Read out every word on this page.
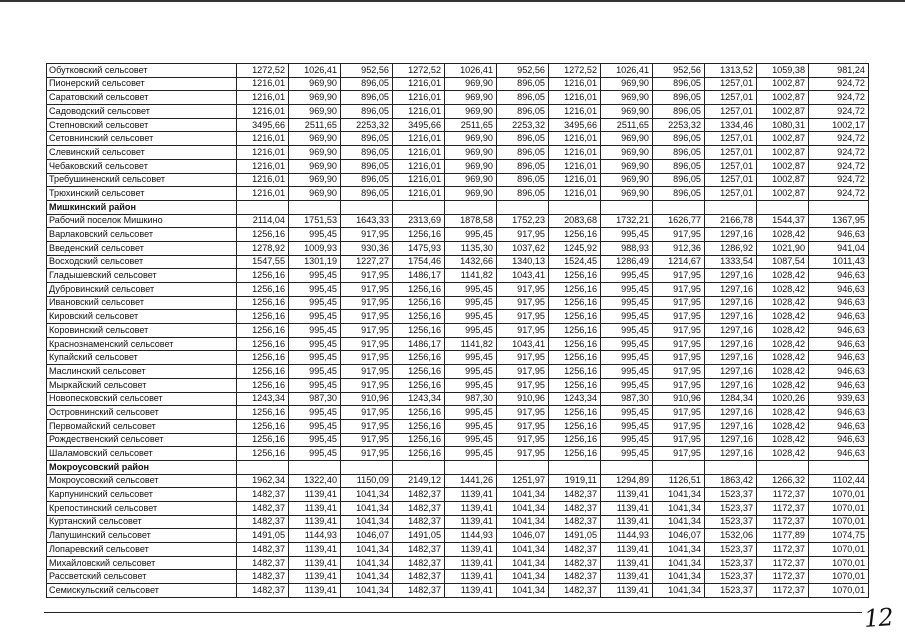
Обутковский сельсовет	1272,52	1026,41	952,56	1272,52	1026,41	952,56	1272,52	1026,41	952,56	1313,52	1059,38	981,24
Пионерский сельсовет	1216,01	969,90	896,05	1216,01	969,90	896,05	1216,01	969,90	896,05	1257,01	1002,87	924,72
Саратовский сельсовет	1216,01	969,90	896,05	1216,01	969,90	896,05	1216,01	969,90	896,05	1257,01	1002,87	924,72
Садоводский сельсовет	1216,01	969,90	896,05	1216,01	969,90	896,05	1216,01	969,90	896,05	1257,01	1002,87	924,72
Степновский сельсовет	3495,66	2511,65	2253,32	3495,66	2511,65	2253,32	3495,66	2511,65	2253,32	1334,46	1080,31	1002,17
Сетовнинский сельсовет	1216,01	969,90	896,05	1216,01	969,90	896,05	1216,01	969,90	896,05	1257,01	1002,87	924,72
Слевинский сельсовет	1216,01	969,90	896,05	1216,01	969,90	896,05	1216,01	969,90	896,05	1257,01	1002,87	924,72
Чебаковский сельсовет	1216,01	969,90	896,05	1216,01	969,90	896,05	1216,01	969,90	896,05	1257,01	1002,87	924,72
Требушиненский сельсовет	1216,01	969,90	896,05	1216,01	969,90	896,05	1216,01	969,90	896,05	1257,01	1002,87	924,72
Трюхинский сельсовет	1216,01	969,90	896,05	1216,01	969,90	896,05	1216,01	969,90	896,05	1257,01	1002,87	924,72
Мишкинский район												
Рабочий поселок Мишкино	2114,04	1751,53	1643,33	2313,69	1878,58	1752,23	2083,68	1732,21	1626,77	2166,78	1544,37	1367,95
Варлаковский сельсовет	1256,16	995,45	917,95	1256,16	995,45	917,95	1256,16	995,45	917,95	1297,16	1028,42	946,63
Введенский сельсовет	1278,92	1009,93	930,36	1475,93	1135,30	1037,62	1245,92	988,93	912,36	1286,92	1021,90	941,04
Восходский сельсовет	1547,55	1301,19	1227,27	1754,46	1432,66	1340,13	1524,45	1286,49	1214,67	1333,54	1087,54	1011,43
Гладышевский сельсовет	1256,16	995,45	917,95	1486,17	1141,82	1043,41	1256,16	995,45	917,95	1297,16	1028,42	946,63
Дубровинский сельсовет	1256,16	995,45	917,95	1256,16	995,45	917,95	1256,16	995,45	917,95	1297,16	1028,42	946,63
Ивановский сельсовет	1256,16	995,45	917,95	1256,16	995,45	917,95	1256,16	995,45	917,95	1297,16	1028,42	946,63
Кировский сельсовет	1256,16	995,45	917,95	1256,16	995,45	917,95	1256,16	995,45	917,95	1297,16	1028,42	946,63
Коровинский сельсовет	1256,16	995,45	917,95	1256,16	995,45	917,95	1256,16	995,45	917,95	1297,16	1028,42	946,63
Краснознаменский сельсовет	1256,16	995,45	917,95	1486,17	1141,82	1043,41	1256,16	995,45	917,95	1297,16	1028,42	946,63
Купайский сельсовет	1256,16	995,45	917,95	1256,16	995,45	917,95	1256,16	995,45	917,95	1297,16	1028,42	946,63
Маслинский сельсовет	1256,16	995,45	917,95	1256,16	995,45	917,95	1256,16	995,45	917,95	1297,16	1028,42	946,63
Мыркайский сельсовет	1256,16	995,45	917,95	1256,16	995,45	917,95	1256,16	995,45	917,95	1297,16	1028,42	946,63
Новопесковский сельсовет	1243,34	987,30	910,96	1243,34	987,30	910,96	1243,34	987,30	910,96	1284,34	1020,26	939,63
Островнинский сельсовет	1256,16	995,45	917,95	1256,16	995,45	917,95	1256,16	995,45	917,95	1297,16	1028,42	946,63
Первомайский сельсовет	1256,16	995,45	917,95	1256,16	995,45	917,95	1256,16	995,45	917,95	1297,16	1028,42	946,63
Рождественский сельсовет	1256,16	995,45	917,95	1256,16	995,45	917,95	1256,16	995,45	917,95	1297,16	1028,42	946,63
Шаламовский сельсовет	1256,16	995,45	917,95	1256,16	995,45	917,95	1256,16	995,45	917,95	1297,16	1028,42	946,63
Мокроусовский район												
Мокроусовский сельсовет	1962,34	1322,40	1150,09	2149,12	1441,26	1251,97	1919,11	1294,89	1126,51	1863,42	1266,32	1102,44
Карпунинский сельсовет	1482,37	1139,41	1041,34	1482,37	1139,41	1041,34	1482,37	1139,41	1041,34	1523,37	1172,37	1070,01
Крепостинский сельсовет	1482,37	1139,41	1041,34	1482,37	1139,41	1041,34	1482,37	1139,41	1041,34	1523,37	1172,37	1070,01
Куртанский сельсовет	1482,37	1139,41	1041,34	1482,37	1139,41	1041,34	1482,37	1139,41	1041,34	1523,37	1172,37	1070,01
Лапушинский сельсовет	1491,05	1144,93	1046,07	1491,05	1144,93	1046,07	1491,05	1144,93	1046,07	1532,06	1177,89	1074,75
Лопаревский сельсовет	1482,37	1139,41	1041,34	1482,37	1139,41	1041,34	1482,37	1139,41	1041,34	1523,37	1172,37	1070,01
Михайловский сельсовет	1482,37	1139,41	1041,34	1482,37	1139,41	1041,34	1482,37	1139,41	1041,34	1523,37	1172,37	1070,01
Рассветский сельсовет	1482,37	1139,41	1041,34	1482,37	1139,41	1041,34	1482,37	1139,41	1041,34	1523,37	1172,37	1070,01
Семискульский сельсовет	1482,37	1139,41	1041,34	1482,37	1139,41	1041,34	1482,37	1139,41	1041,34	1523,37	1172,37	1070,01
12
